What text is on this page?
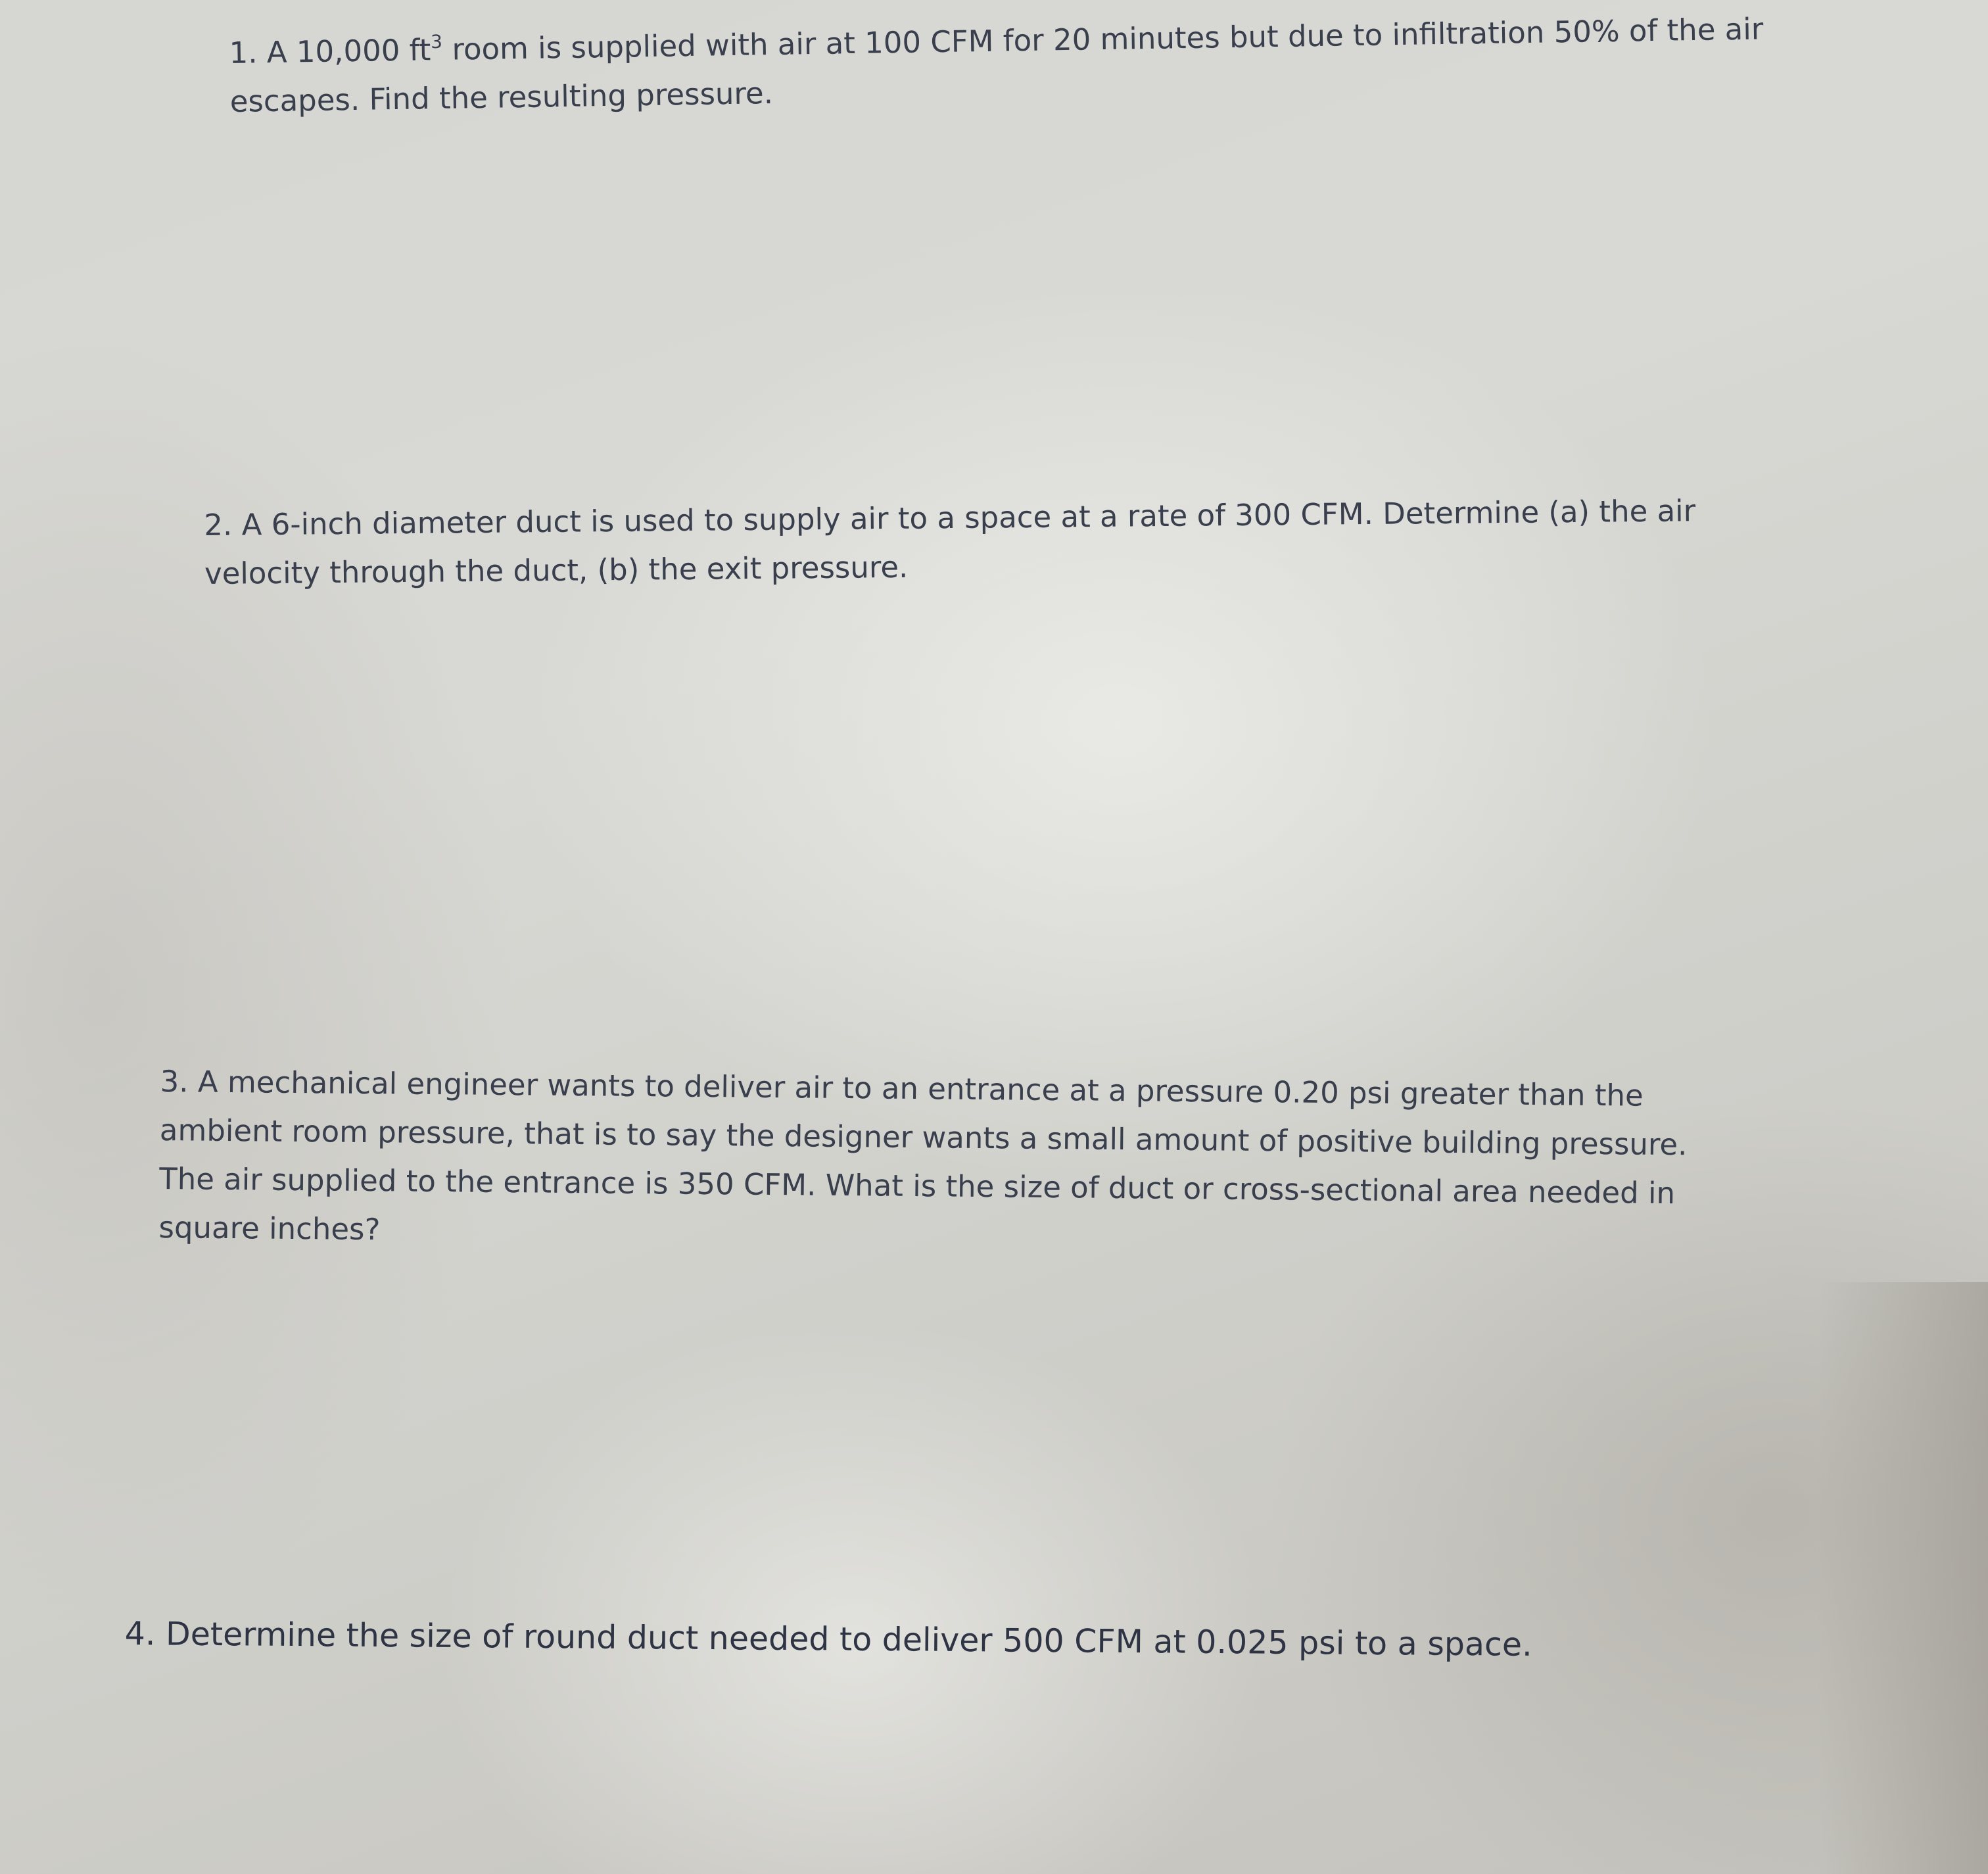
1. A 10,000 $ft^3$ room is supplied with air at 100 CFM for 20 minutes but due to infiltration 50% of the air
escapes. Find the resulting pressure.

2. A 6-inch diameter duct is used to supply air to a space at a rate of 300 CFM. Determine (a) the air
velocity through the duct, (b) the exit pressure.

3. A mechanical engineer wants to deliver air to an entrance at a pressure 0.20 psi greater than the
ambient room pressure, that is to say the designer wants a small amount of positive building pressure.
The air supplied to the entrance is 350 CFM. What is the size of duct or cross-sectional area needed in
square inches?

4. Determine the size of round duct needed to deliver 500 CFM at 0.025 psi to a space.
